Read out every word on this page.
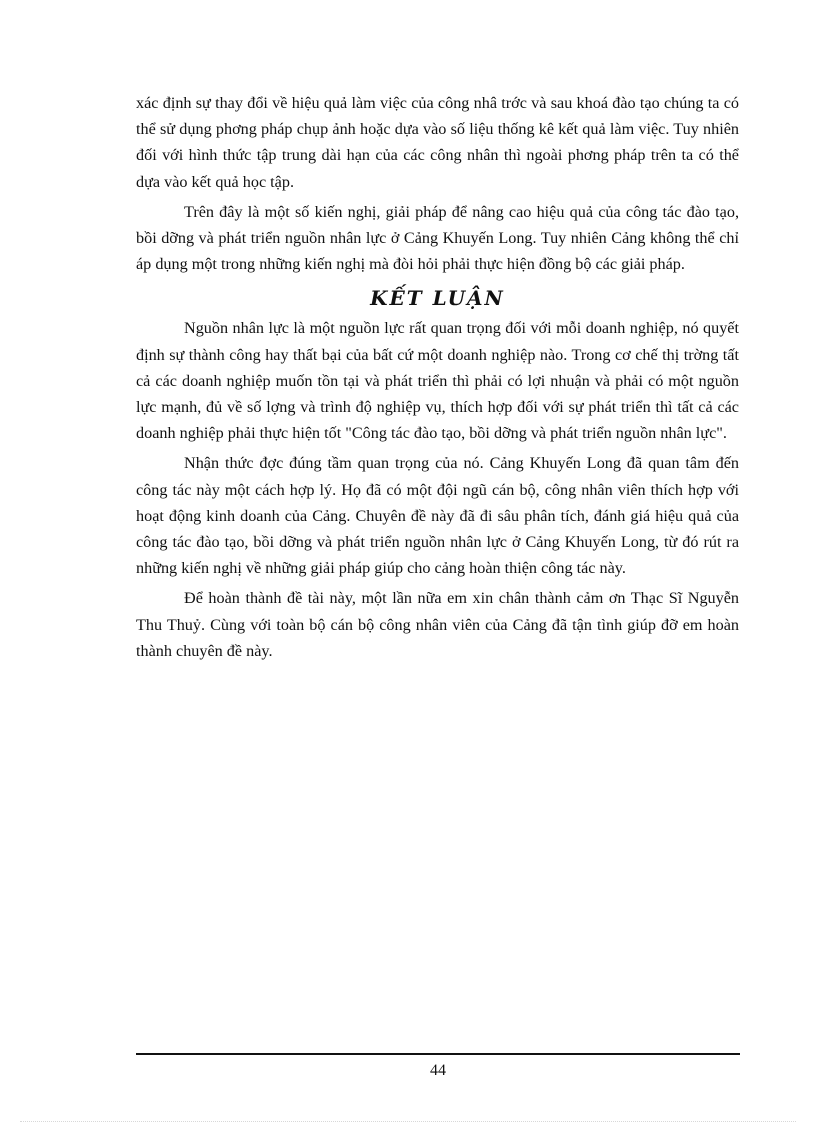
xác định sự thay đổi về hiệu quả làm việc của công nhâ trớc và sau khoá đào tạo chúng ta có thể sử dụng phơng pháp chụp ảnh hoặc dựa vào số liệu thống kê kết quả làm việc. Tuy nhiên đối với hình thức tập trung dài hạn của các công nhân thì ngoài phơng pháp trên ta có thể dựa vào kết quả học tập.

Trên đây là một số kiến nghị, giải pháp để nâng cao hiệu quả của công tác đào tạo, bồi dỡng và phát triển nguồn nhân lực ở Cảng Khuyến Long. Tuy nhiên Cảng không thể chỉ áp dụng một trong những kiến nghị mà đòi hỏi phải thực hiện đồng bộ các giải pháp.

KẾT LUẬN

Nguồn nhân lực là một nguồn lực rất quan trọng đối với mỗi doanh nghiệp, nó quyết định sự thành công hay thất bại của bất cứ một doanh nghiệp nào. Trong cơ chế thị trờng tất cả các doanh nghiệp muốn tồn tại và phát triển thì phải có lợi nhuận và phải có một nguồn lực mạnh, đủ về số lợng và trình độ nghiệp vụ, thích hợp đối với sự phát triển thì tất cả các doanh nghiệp phải thực hiện tốt "Công tác đào tạo, bồi dỡng và phát triển nguồn nhân lực".

Nhận thức đợc đúng tầm quan trọng của nó. Cảng Khuyến Long đã quan tâm đến công tác này một cách hợp lý. Họ đã có một đội ngũ cán bộ, công nhân viên thích hợp với hoạt động kinh doanh của Cảng. Chuyên đề này đã đi sâu phân tích, đánh giá hiệu quả của công tác đào tạo, bồi dỡng và phát triển nguồn nhân lực ở Cảng Khuyến Long, từ đó rút ra những kiến nghị về những giải pháp giúp cho cảng hoàn thiện công tác này.

Để hoàn thành đề tài này, một lần nữa em xin chân thành cảm ơn Thạc Sĩ Nguyễn Thu Thuỷ. Cùng với toàn bộ cán bộ công nhân viên của Cảng đã tận tình giúp đỡ em hoàn thành chuyên đề này.

44
